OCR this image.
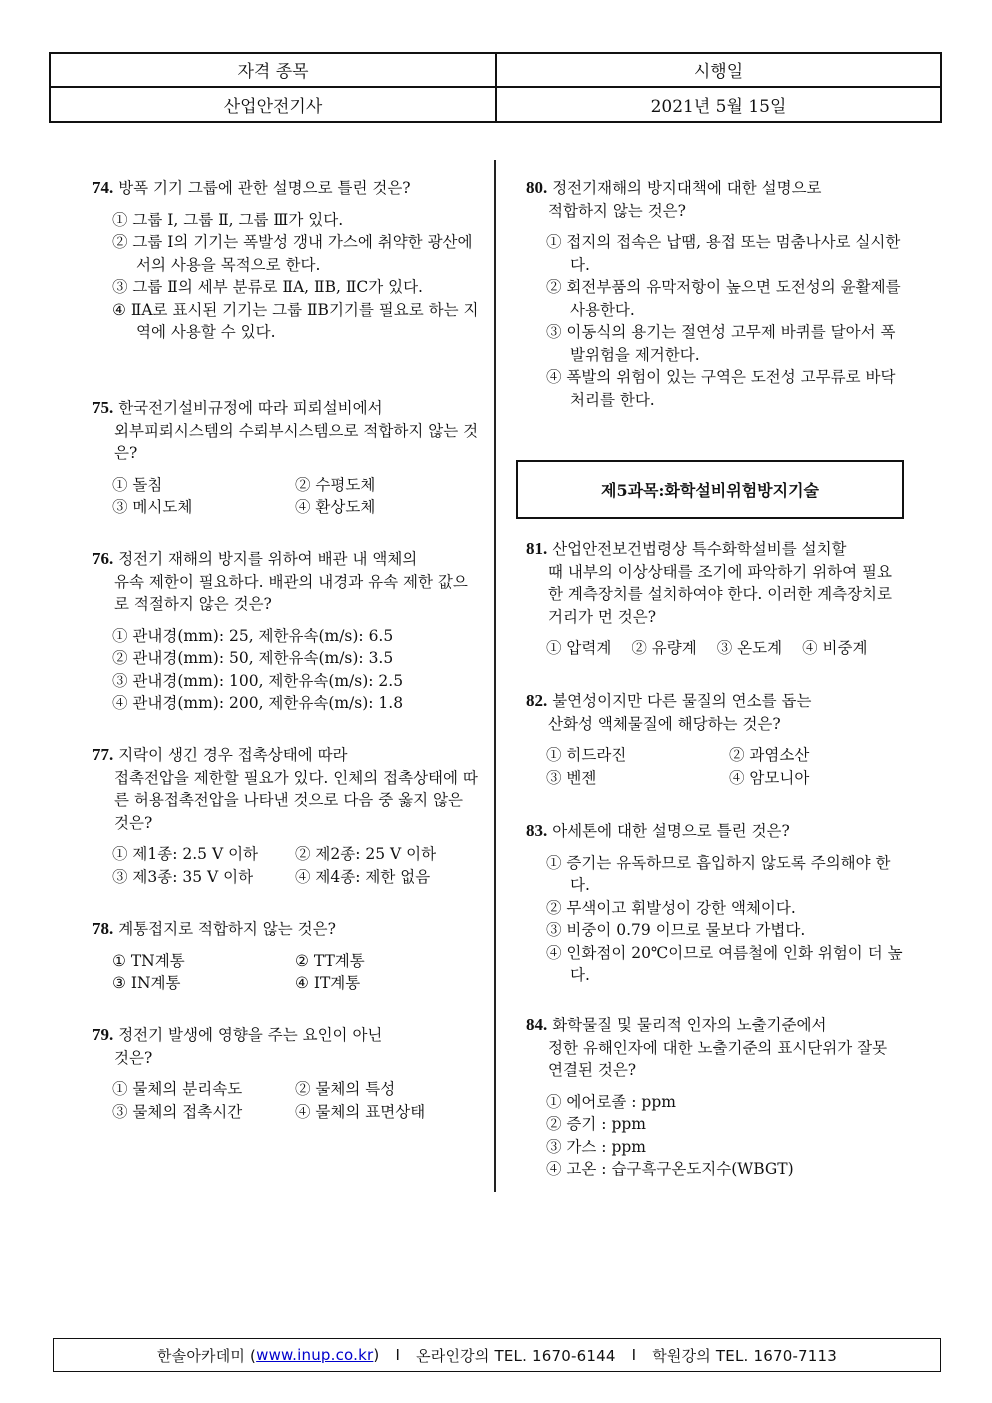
자격 종목	시행일
산업안전기사	2021년 5월 15일
74. 방폭 기기 그룹에 관한 설명으로 틀린 것은?
① 그룹 Ⅰ, 그룹 Ⅱ, 그룹 Ⅲ가 있다.
② 그룹 Ⅰ의 기기는 폭발성 갱내 가스에 취약한 광산에서의 사용을 목적으로 한다.
③ 그룹 Ⅱ의 세부 분류로 ⅡA, ⅡB, ⅡC가 있다.
④ ⅡA로 표시된 기기는 그룹 ⅡB기기를 필요로 하는 지역에 사용할 수 있다.
75. 한국전기설비규정에 따라 피뢰설비에서
외부피뢰시스템의 수뢰부시스템으로 적합하지 않는 것은?
① 돌침	② 수평도체
③ 메시도체	④ 환상도체
76. 정전기 재해의 방지를 위하여 배관 내 액체의
유속 제한이 필요하다. 배관의 내경과 유속 제한 값으로 적절하지 않은 것은?
① 관내경(mm): 25, 제한유속(m/s): 6.5
② 관내경(mm): 50, 제한유속(m/s): 3.5
③ 관내경(mm): 100, 제한유속(m/s): 2.5
④ 관내경(mm): 200, 제한유속(m/s): 1.8
77. 지락이 생긴 경우 접촉상태에 따라
접촉전압을 제한할 필요가 있다. 인체의 접촉상태에 따른 허용접촉전압을 나타낸 것으로 다음 중 옳지 않은 것은?
① 제1종: 2.5 V 이하	② 제2종: 25 V 이하
③ 제3종: 35 V 이하	④ 제4종: 제한 없음
78. 계통접지로 적합하지 않는 것은?
① TN계통	② TT계통
③ IN계통	④ IT계통
79. 정전기 발생에 영향을 주는 요인이 아닌
것은?
① 물체의 분리속도	② 물체의 특성
③ 물체의 접촉시간	④ 물체의 표면상태
80. 정전기재해의 방지대책에 대한 설명으로
적합하지 않는 것은?
① 접지의 접속은 납땜, 용접 또는 멈춤나사로 실시한다.
② 회전부품의 유막저항이 높으면 도전성의 윤활제를 사용한다.
③ 이동식의 용기는 절연성 고무제 바퀴를 달아서 폭발위험을 제거한다.
④ 폭발의 위험이 있는 구역은 도전성 고무류로 바닥 처리를 한다.
제5과목:화학설비위험방지기술
81. 산업안전보건법령상 특수화학설비를 설치할
때 내부의 이상상태를 조기에 파악하기 위하여 필요한 계측장치를 설치하여야 한다. 이러한 계측장치로 거리가 먼 것은?
① 압력계 ② 유량계 ③ 온도계 ④ 비중계
82. 불연성이지만 다른 물질의 연소를 돕는
산화성 액체물질에 해당하는 것은?
① 히드라진	② 과염소산
③ 벤젠	④ 암모니아
83. 아세톤에 대한 설명으로 틀린 것은?
① 증기는 유독하므로 흡입하지 않도록 주의해야 한다.
② 무색이고 휘발성이 강한 액체이다.
③ 비중이 0.79 이므로 물보다 가볍다.
④ 인화점이 20℃이므로 여름철에 인화 위험이 더 높다.
84. 화학물질 및 물리적 인자의 노출기준에서
정한 유해인자에 대한 노출기준의 표시단위가 잘못 연결된 것은?
① 에어로졸 : ppm
② 증기 : ppm
③ 가스 : ppm
④ 고온 : 습구흑구온도지수(WBGT)
한솔아카데미 ( www.inup.co.kr ) I 온라인강의 TEL. 1670-6144 I 학원강의 TEL. 1670-7113
